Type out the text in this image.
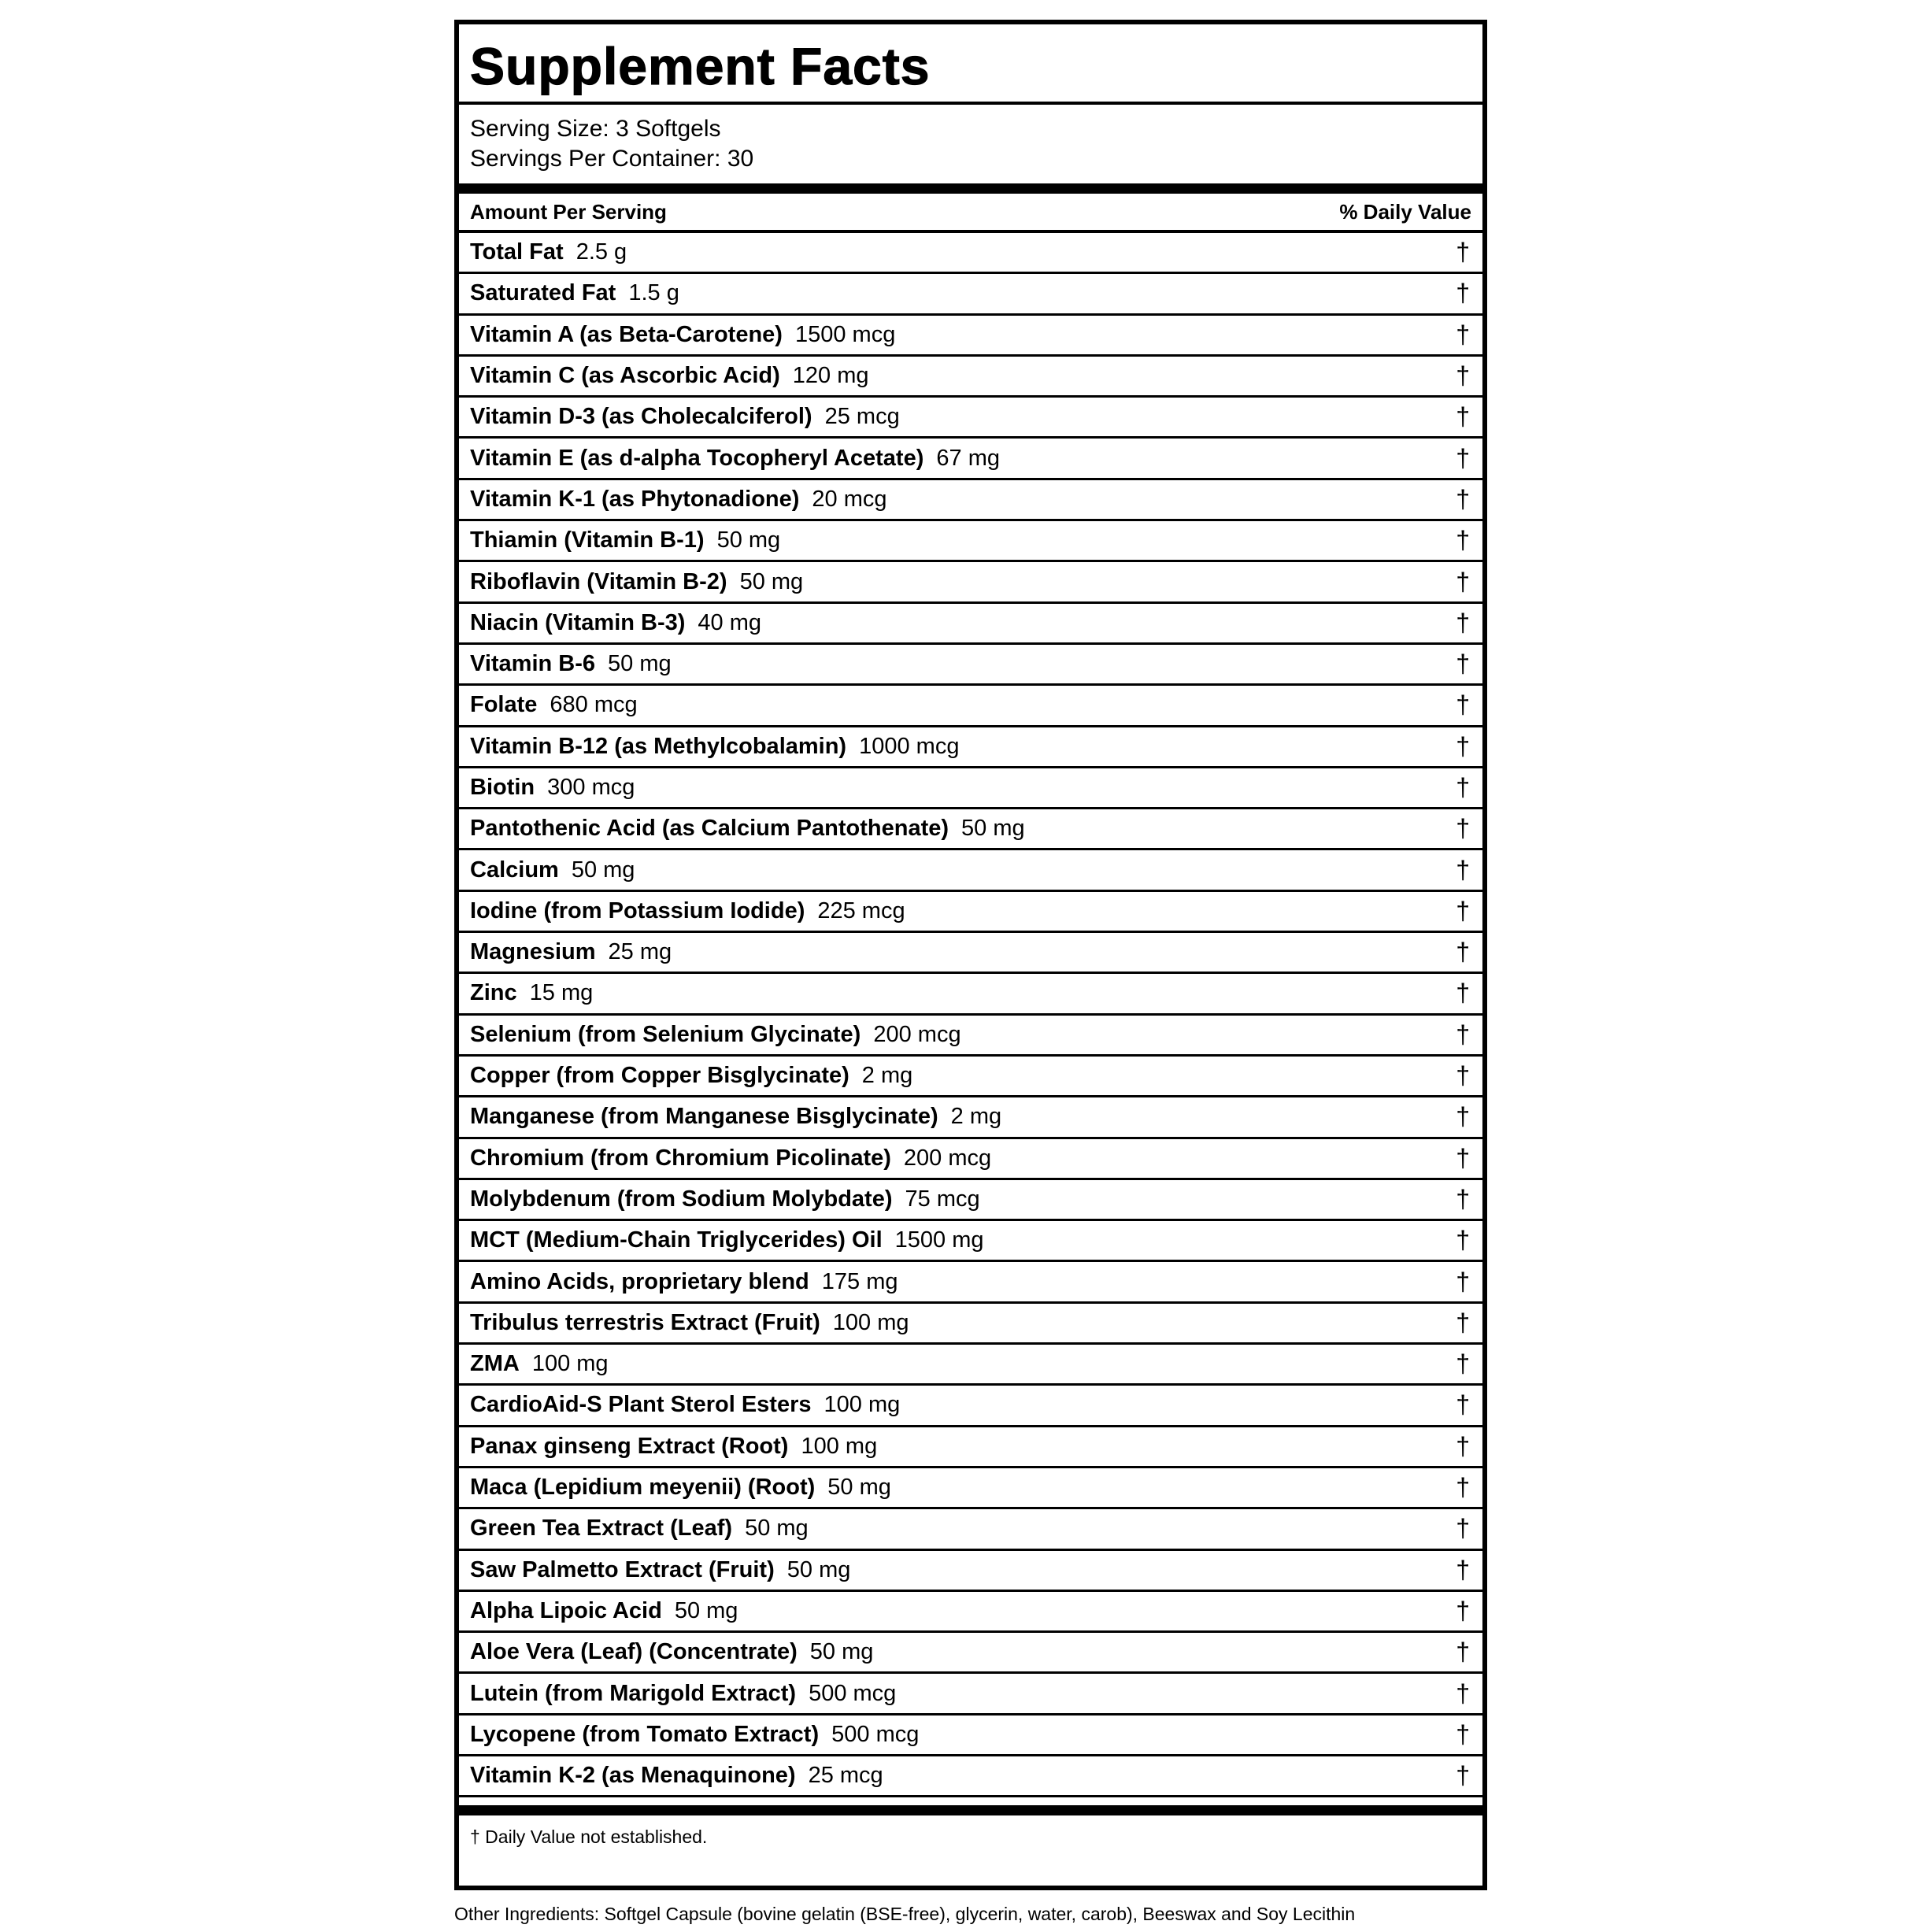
Supplement Facts
Serving Size: 3 Softgels
Servings Per Container: 30
Amount Per Serving	% Daily Value
Total Fat 2.5 g	†
Saturated Fat 1.5 g	†
Vitamin A (as Beta-Carotene) 1500 mcg	†
Vitamin C (as Ascorbic Acid) 120 mg	†
Vitamin D-3 (as Cholecalciferol) 25 mcg	†
Vitamin E (as d-alpha Tocopheryl Acetate) 67 mg	†
Vitamin K-1 (as Phytonadione) 20 mcg	†
Thiamin (Vitamin B-1) 50 mg	†
Riboflavin (Vitamin B-2) 50 mg	†
Niacin (Vitamin B-3) 40 mg	†
Vitamin B-6 50 mg	†
Folate 680 mcg	†
Vitamin B-12 (as Methylcobalamin) 1000 mcg	†
Biotin 300 mcg	†
Pantothenic Acid (as Calcium Pantothenate) 50 mg	†
Calcium 50 mg	†
Iodine (from Potassium Iodide) 225 mcg	†
Magnesium 25 mg	†
Zinc 15 mg	†
Selenium (from Selenium Glycinate) 200 mcg	†
Copper (from Copper Bisglycinate) 2 mg	†
Manganese (from Manganese Bisglycinate) 2 mg	†
Chromium (from Chromium Picolinate) 200 mcg	†
Molybdenum (from Sodium Molybdate) 75 mcg	†
MCT (Medium-Chain Triglycerides) Oil 1500 mg	†
Amino Acids, proprietary blend 175 mg	†
Tribulus terrestris Extract (Fruit) 100 mg	†
ZMA 100 mg	†
CardioAid-S Plant Sterol Esters 100 mg	†
Panax ginseng Extract (Root) 100 mg	†
Maca (Lepidium meyenii) (Root) 50 mg	†
Green Tea Extract (Leaf) 50 mg	†
Saw Palmetto Extract (Fruit) 50 mg	†
Alpha Lipoic Acid 50 mg	†
Aloe Vera (Leaf) (Concentrate) 50 mg	†
Lutein (from Marigold Extract) 500 mcg	†
Lycopene (from Tomato Extract) 500 mcg	†
Vitamin K-2 (as Menaquinone) 25 mcg	†
† Daily Value not established.
Other Ingredients: Softgel Capsule (bovine gelatin (BSE-free), glycerin, water, carob), Beeswax and Soy Lecithin
